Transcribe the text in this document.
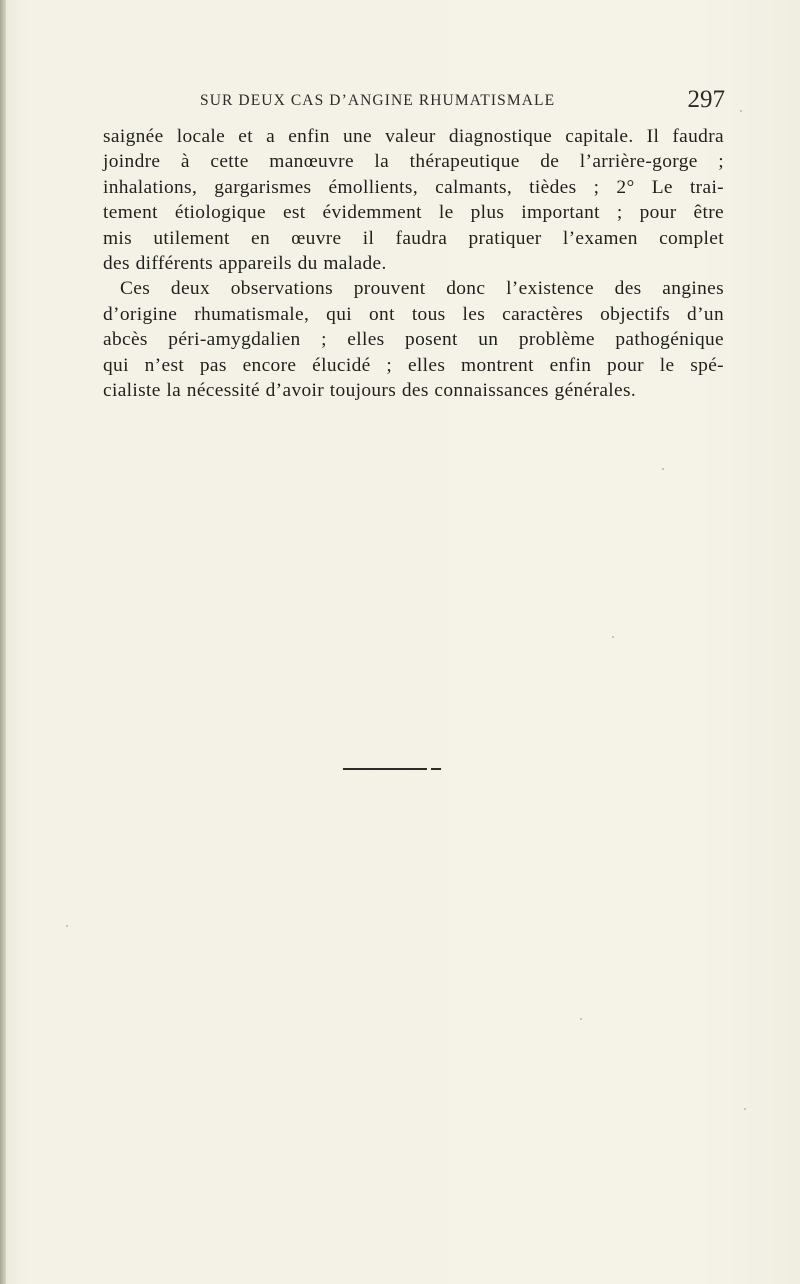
SUR DEUX CAS D’ANGINE RHUMATISMALE	297

saignée locale et a enfin une valeur diagnostique capitale. Il faudra
joindre à cette manœuvre la thérapeutique de l’arrière-gorge ;
inhalations, gargarismes émollients, calmants, tièdes ; 2° Le trai-
tement étiologique est évidemment le plus important ; pour être
mis utilement en œuvre il faudra pratiquer l’examen complet
des différents appareils du malade.

Ces deux observations prouvent donc l’existence des angines
d’origine rhumatismale, qui ont tous les caractères objectifs d’un
abcès péri-amygdalien ; elles posent un problème pathogénique
qui n’est pas encore élucidé ; elles montrent enfin pour le spé-
cialiste la nécessité d’avoir toujours des connaissances générales.
